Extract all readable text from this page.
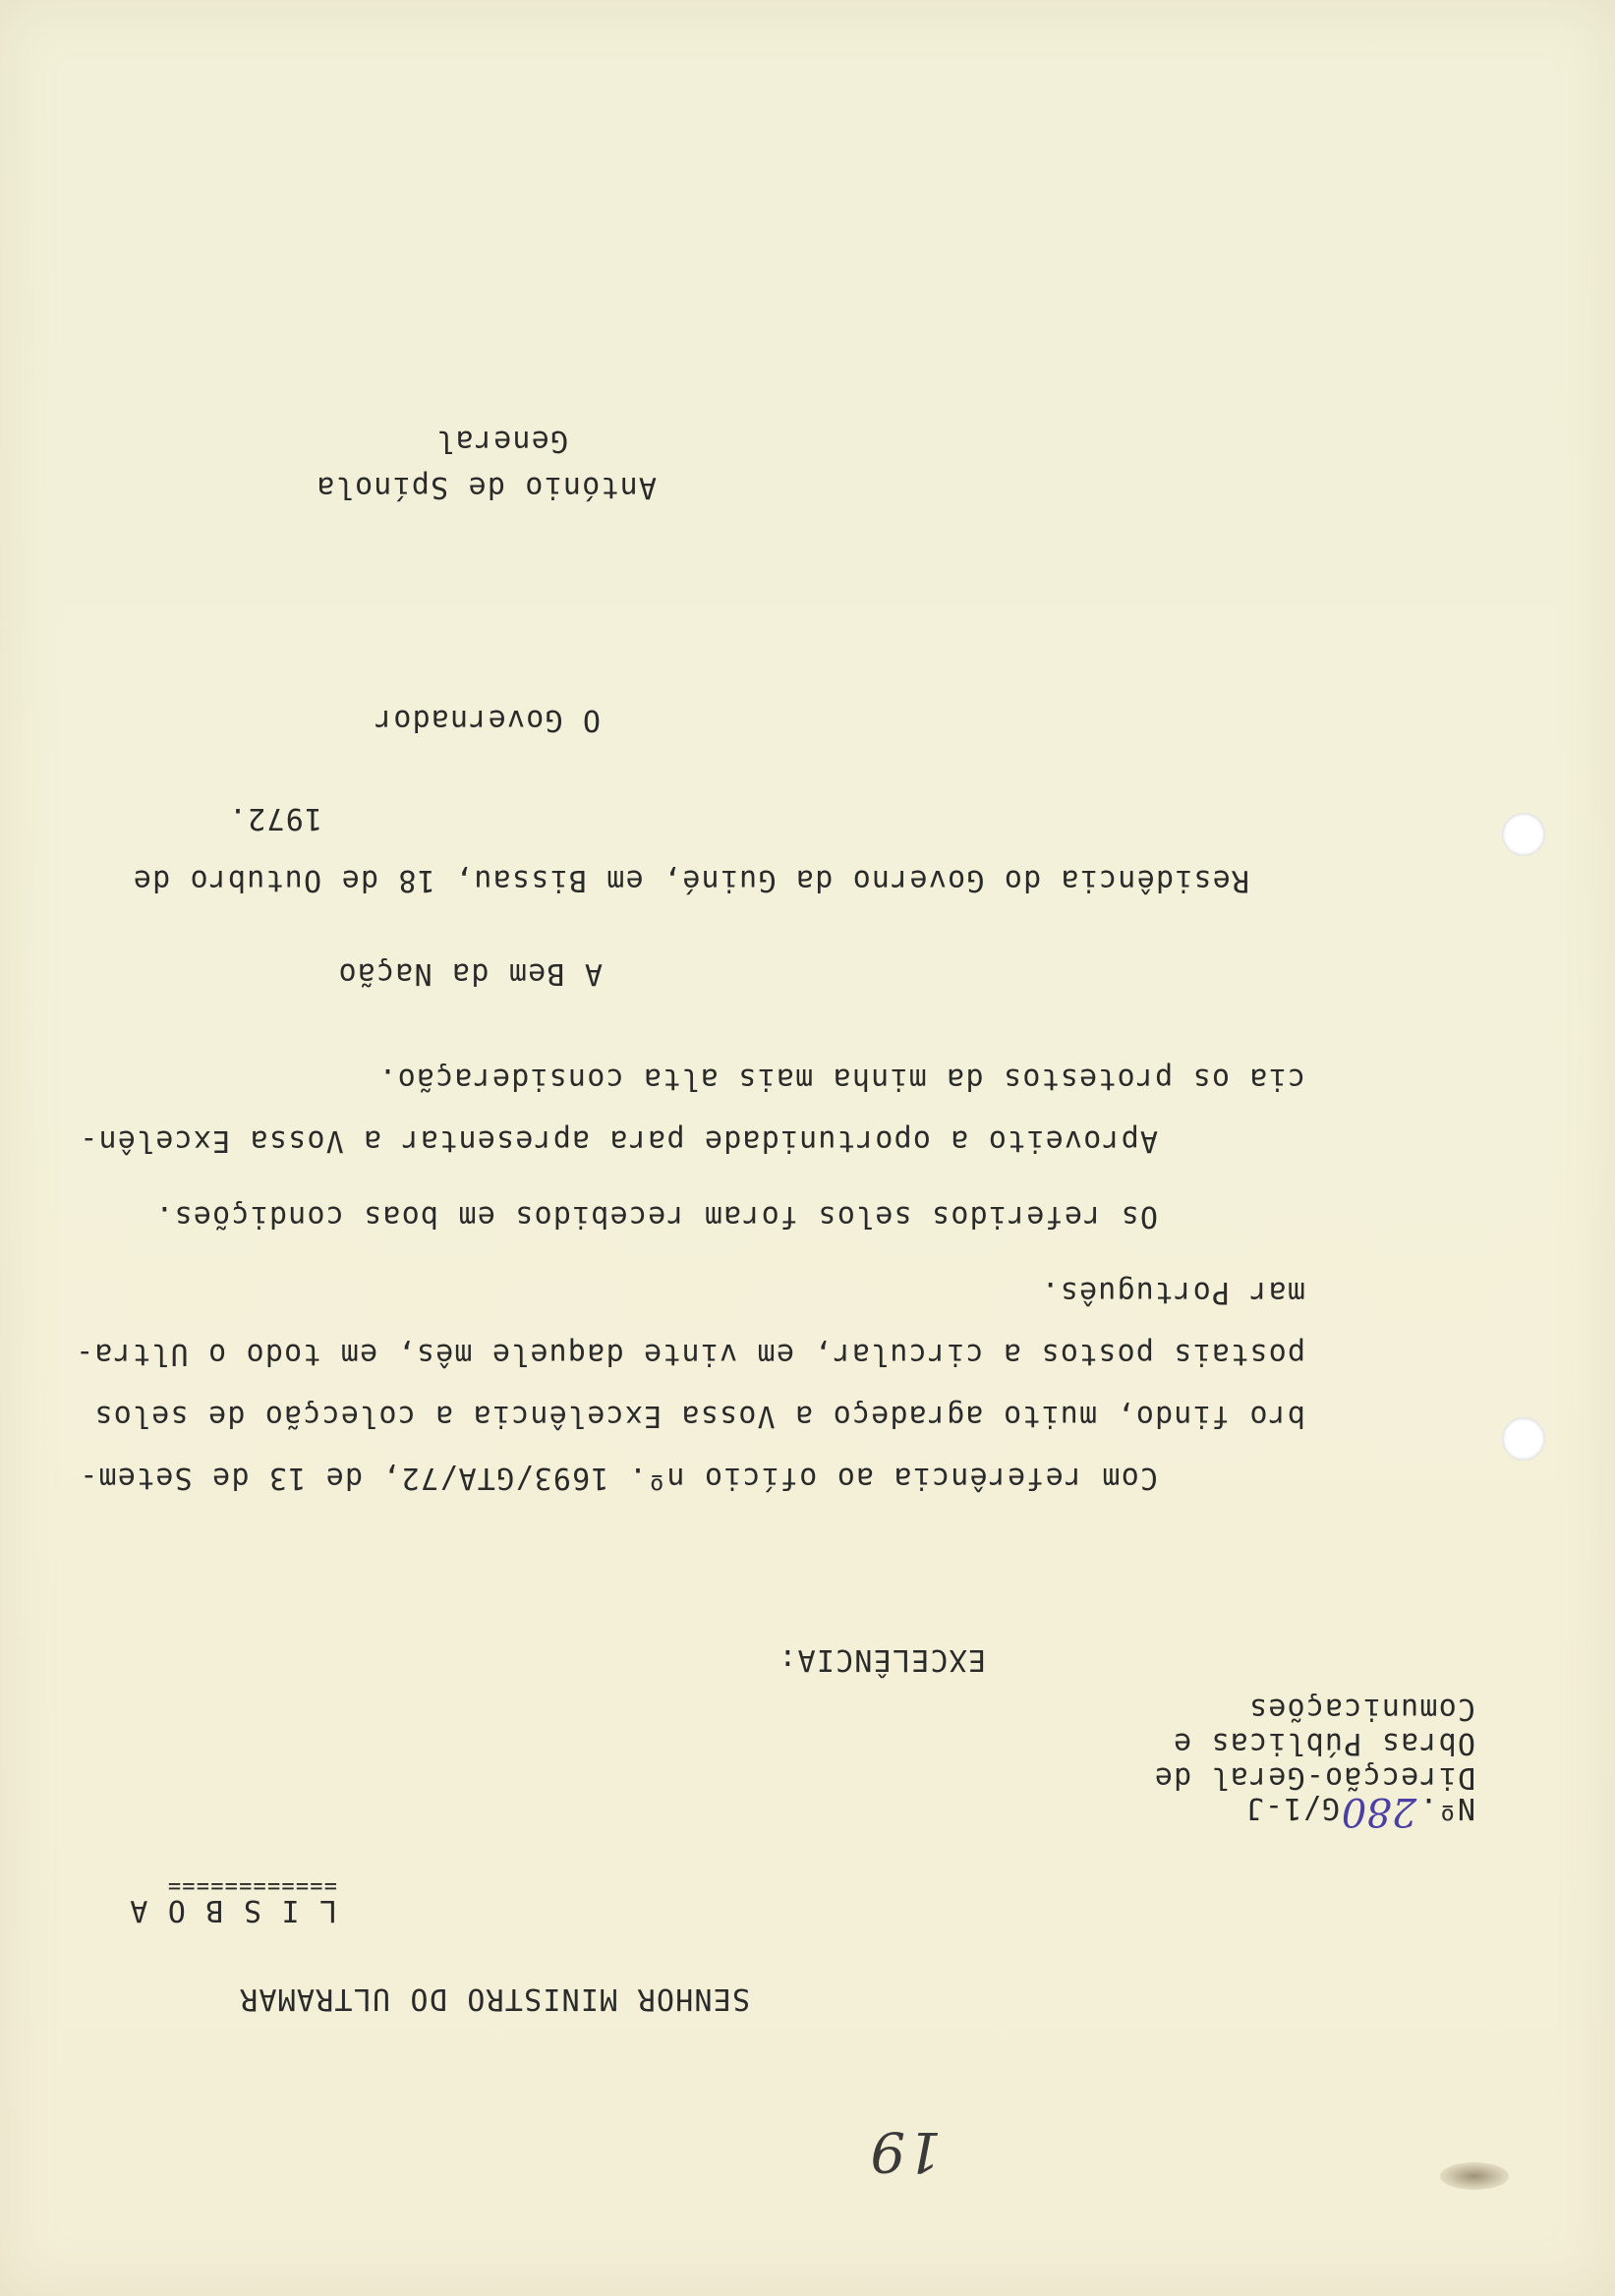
19
SENHOR MINISTRO DO ULTRAMAR
L I S B O A
============
Nº.280G/1-J
Direcção-Geral de
Obras Públicas e
Comunicações
EXCELÊNCIA:
Com referência ao ofício nº. 1693/GTA/72, de 13 de Setem-
bro findo, muito agradeço a Vossa Excelência a colecção de selos
postais postos a circular, em vinte daquele mês, em todo o Ultra-
mar Português.
Os referidos selos foram recebidos em boas condições.
Aproveito a oportunidade para apresentar a Vossa Excelên-
cia os protestos da minha mais alta consideração.
A Bem da Nação
Residência do Governo da Guiné, em Bissau, 18 de Outubro de
1972.
O Governador
António de Spínola
General
